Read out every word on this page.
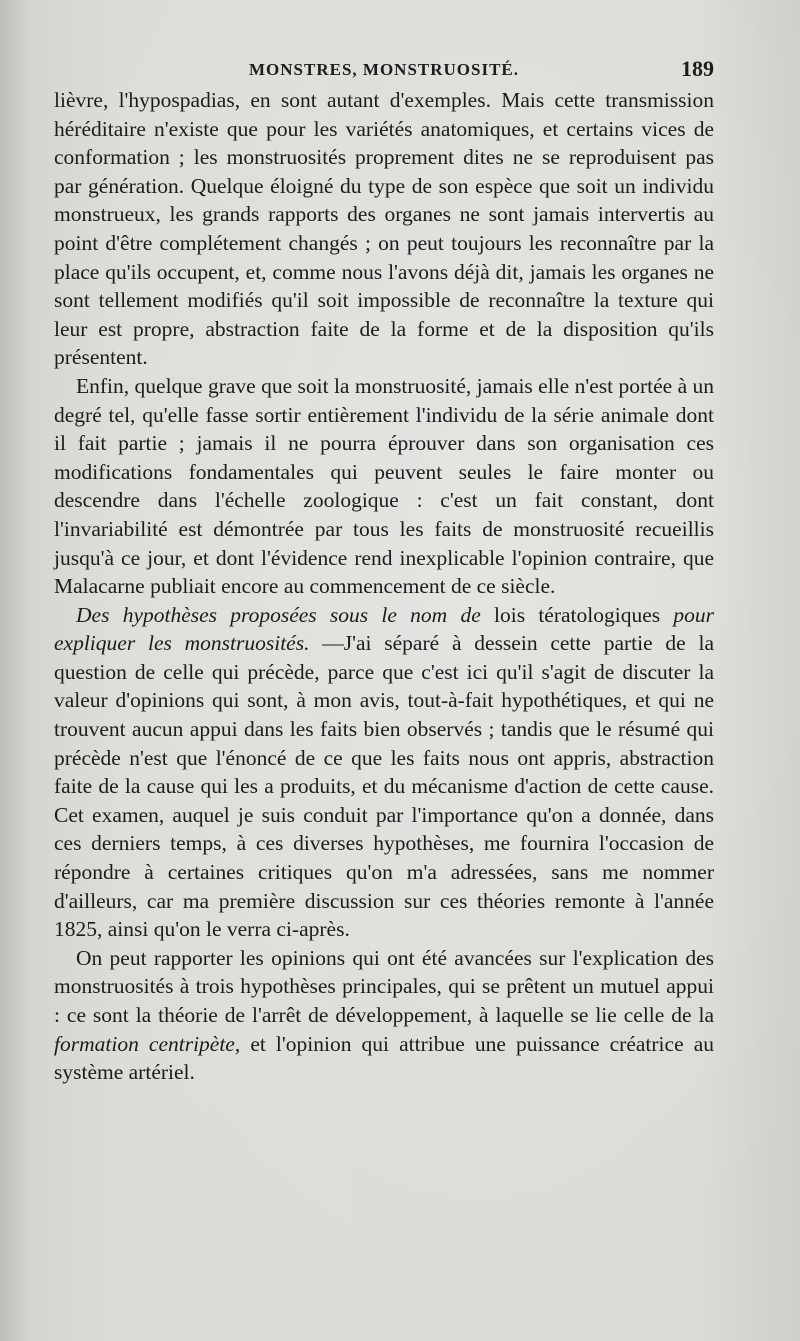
MONSTRES, MONSTRUOSITÉ.	189

lièvre, l'hypospadias, en sont autant d'exemples. Mais cette transmission héréditaire n'existe que pour les variétés anatomiques, et certains vices de conformation ; les monstruosités proprement dites ne se reproduisent pas par génération. Quelque éloigné du type de son espèce que soit un individu monstrueux, les grands rapports des organes ne sont jamais intervertis au point d'être complétement changés ; on peut toujours les reconnaître par la place qu'ils occupent, et, comme nous l'avons déjà dit, jamais les organes ne sont tellement modifiés qu'il soit impossible de reconnaître la texture qui leur est propre, abstraction faite de la forme et de la disposition qu'ils présentent.

Enfin, quelque grave que soit la monstruosité, jamais elle n'est portée à un degré tel, qu'elle fasse sortir entièrement l'individu de la série animale dont il fait partie ; jamais il ne pourra éprouver dans son organisation ces modifications fondamentales qui peuvent seules le faire monter ou descendre dans l'échelle zoologique : c'est un fait constant, dont l'invariabilité est démontrée par tous les faits de monstruosité recueillis jusqu'à ce jour, et dont l'évidence rend inexplicable l'opinion contraire, que Malacarne publiait encore au commencement de ce siècle.

Des hypothèses proposées sous le nom de lois tératologiques pour expliquer les monstruosités. —J'ai séparé à dessein cette partie de la question de celle qui précède, parce que c'est ici qu'il s'agit de discuter la valeur d'opinions qui sont, à mon avis, tout-à-fait hypothétiques, et qui ne trouvent aucun appui dans les faits bien observés ; tandis que le résumé qui précède n'est que l'énoncé de ce que les faits nous ont appris, abstraction faite de la cause qui les a produits, et du mécanisme d'action de cette cause. Cet examen, auquel je suis conduit par l'importance qu'on a donnée, dans ces derniers temps, à ces diverses hypothèses, me fournira l'occasion de répondre à certaines critiques qu'on m'a adressées, sans me nommer d'ailleurs, car ma première discussion sur ces théories remonte à l'année 1825, ainsi qu'on le verra ci-après.

On peut rapporter les opinions qui ont été avancées sur l'explication des monstruosités à trois hypothèses principales, qui se prêtent un mutuel appui : ce sont la théorie de l'arrêt de développement, à laquelle se lie celle de la formation centripète, et l'opinion qui attribue une puissance créatrice au système artériel.
